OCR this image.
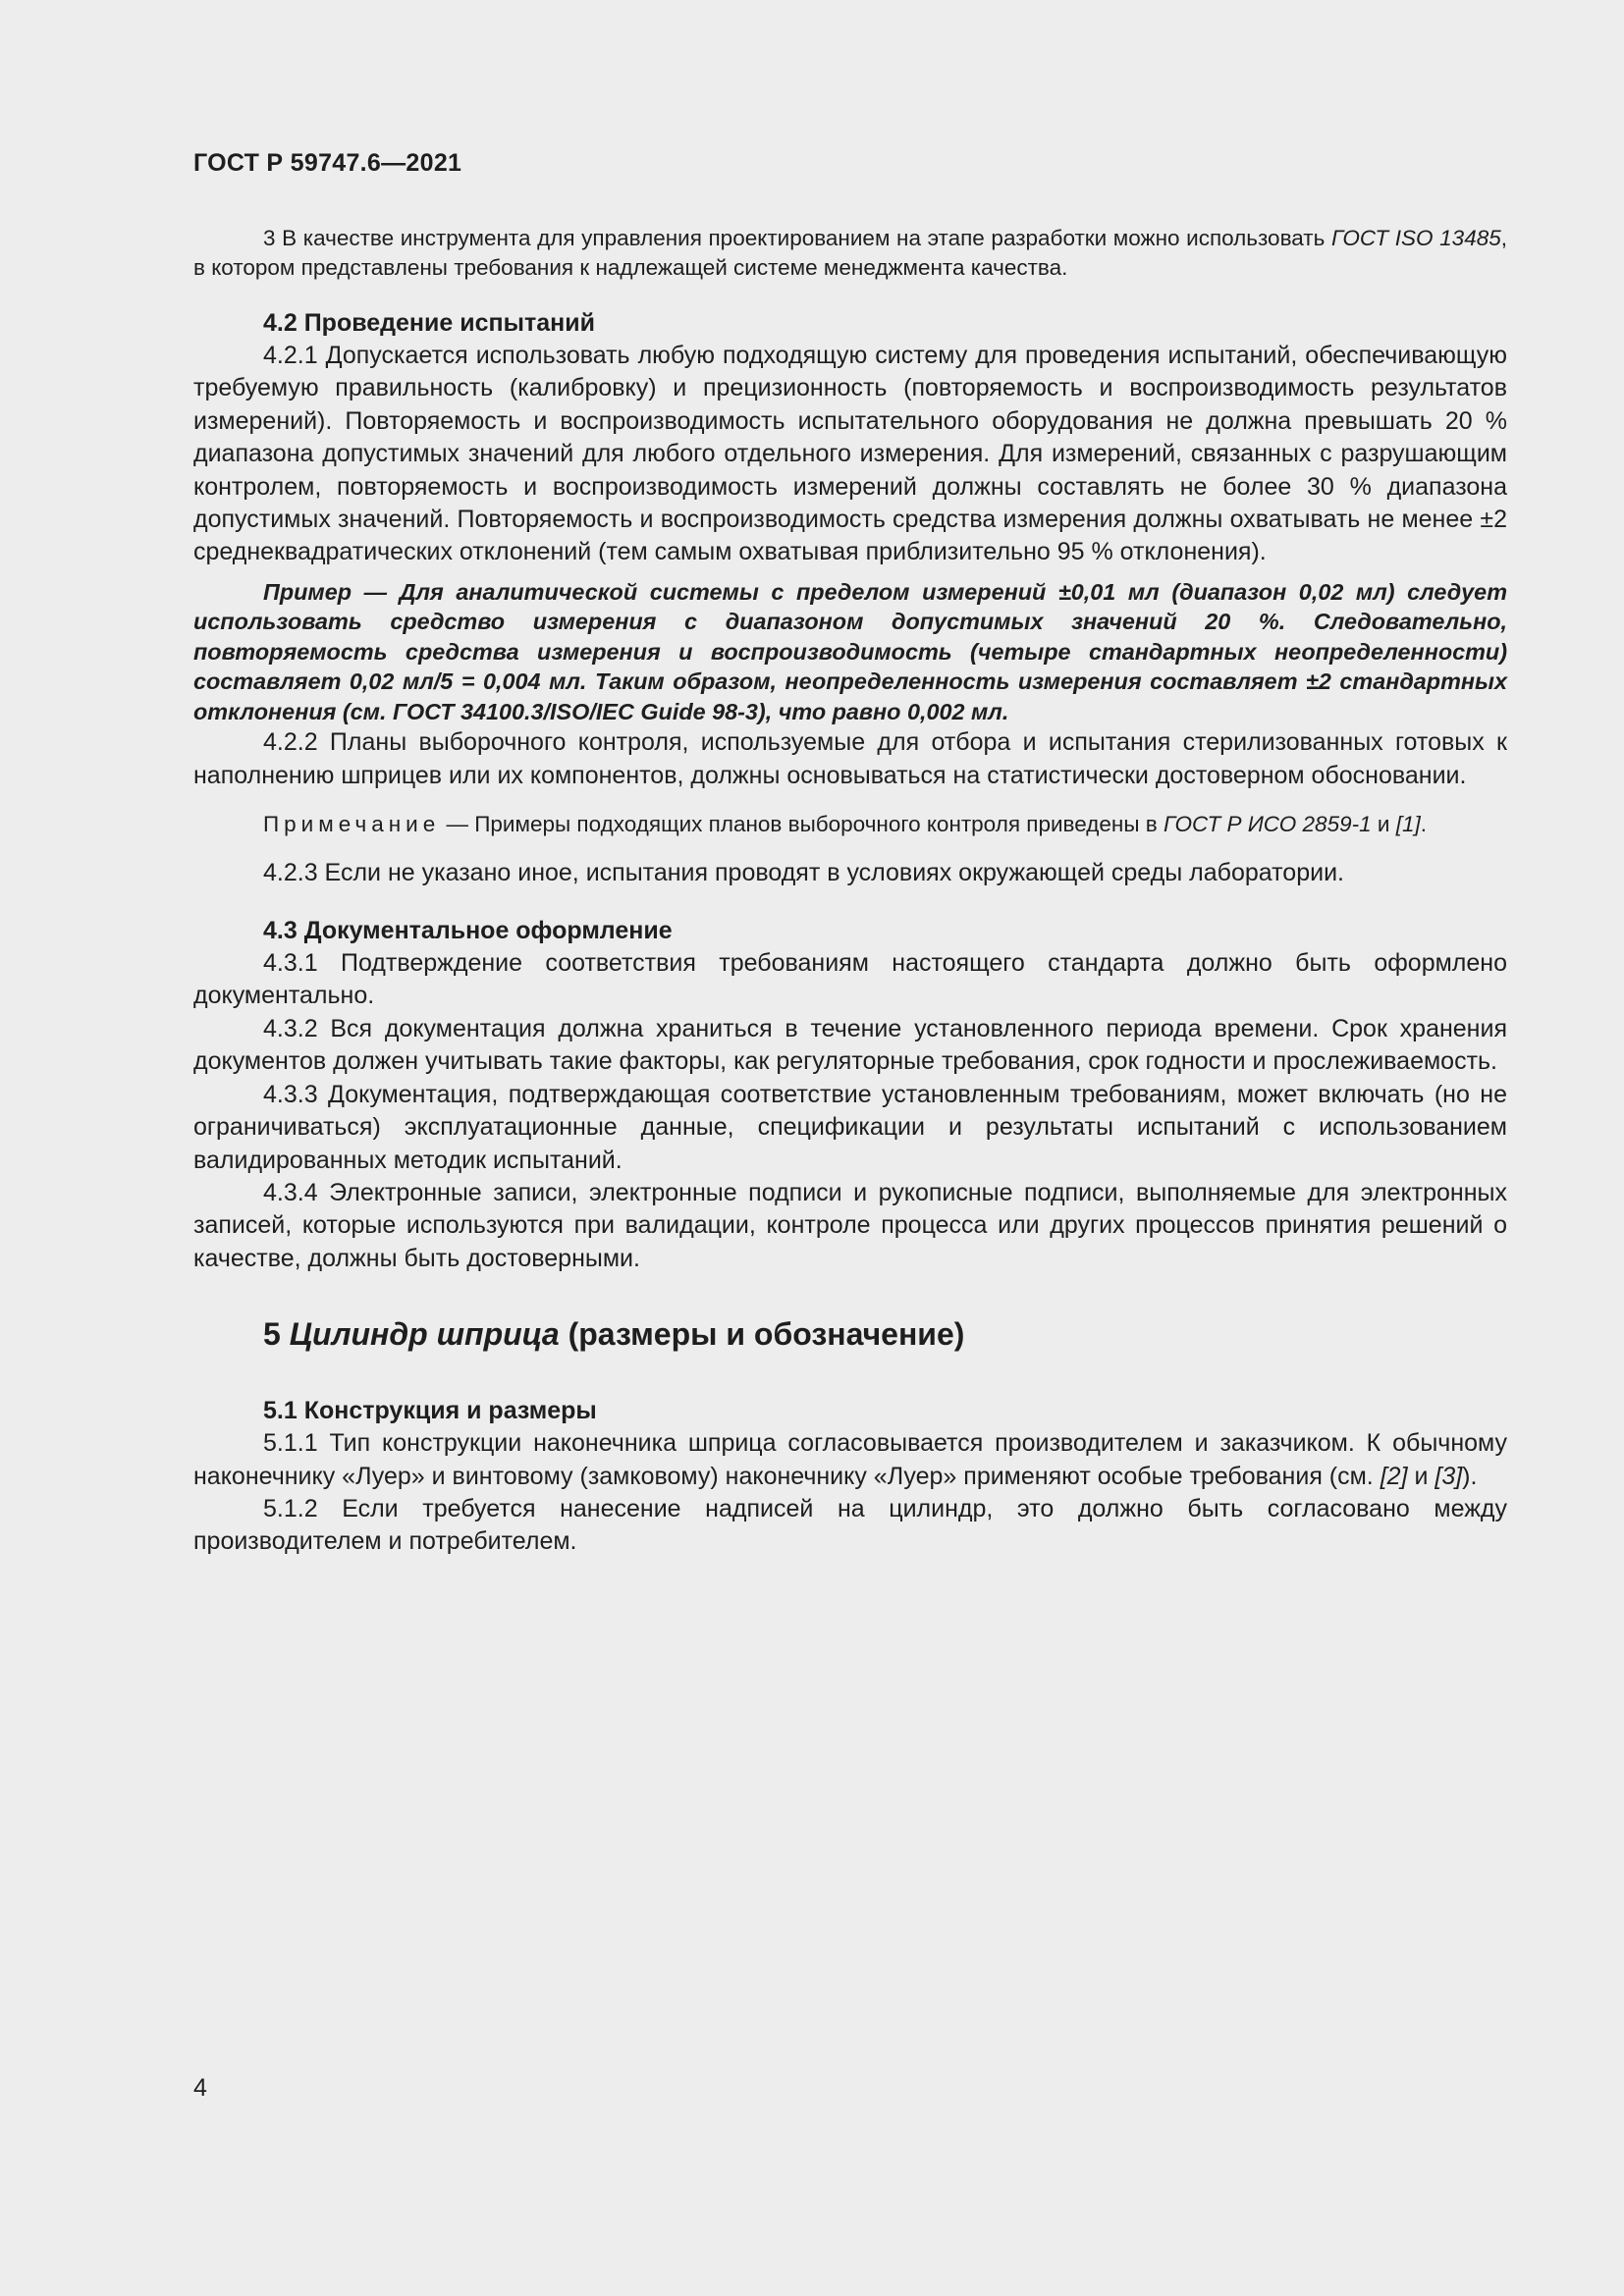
ГОСТ Р 59747.6—2021

3 В качестве инструмента для управления проектированием на этапе разработки можно использовать ГОСТ ISO 13485, в котором представлены требования к надлежащей системе менеджмента качества.

4.2 Проведение испытаний

4.2.1 Допускается использовать любую подходящую систему для проведения испытаний, обеспечивающую требуемую правильность (калибровку) и прецизионность (повторяемость и воспроизводимость результатов измерений). Повторяемость и воспроизводимость испытательного оборудования не должна превышать 20 % диапазона допустимых значений для любого отдельного измерения. Для измерений, связанных с разрушающим контролем, повторяемость и воспроизводимость измерений должны составлять не более 30 % диапазона допустимых значений. Повторяемость и воспроизводимость средства измерения должны охватывать не менее ±2 среднеквадратических отклонений (тем самым охватывая приблизительно 95 % отклонения).

Пример — Для аналитической системы с пределом измерений ±0,01 мл (диапазон 0,02 мл) следует использовать средство измерения с диапазоном допустимых значений 20 %. Следовательно, повторяемость средства измерения и воспроизводимость (четыре стандартных неопределенности) составляет 0,02 мл/5 = 0,004 мл. Таким образом, неопределенность измерения составляет ±2 стандартных отклонения (см. ГОСТ 34100.3/ISO/IEC Guide 98-3), что равно 0,002 мл.

4.2.2 Планы выборочного контроля, используемые для отбора и испытания стерилизованных готовых к наполнению шприцев или их компонентов, должны основываться на статистически достоверном обосновании.

Примечание — Примеры подходящих планов выборочного контроля приведены в ГОСТ Р ИСО 2859-1 и [1].

4.2.3 Если не указано иное, испытания проводят в условиях окружающей среды лаборатории.

4.3 Документальное оформление

4.3.1 Подтверждение соответствия требованиям настоящего стандарта должно быть оформлено документально.

4.3.2 Вся документация должна храниться в течение установленного периода времени. Срок хранения документов должен учитывать такие факторы, как регуляторные требования, срок годности и прослеживаемость.

4.3.3 Документация, подтверждающая соответствие установленным требованиям, может включать (но не ограничиваться) эксплуатационные данные, спецификации и результаты испытаний с использованием валидированных методик испытаний.

4.3.4 Электронные записи, электронные подписи и рукописные подписи, выполняемые для электронных записей, которые используются при валидации, контроле процесса или других процессов принятия решений о качестве, должны быть достоверными.

5 Цилиндр шприца (размеры и обозначение)
5.1 Конструкция и размеры

5.1.1 Тип конструкции наконечника шприца согласовывается производителем и заказчиком. К обычному наконечнику «Луер» и винтовому (замковому) наконечнику «Луер» применяют особые требования (см. [2] и [3]).

5.1.2 Если требуется нанесение надписей на цилиндр, это должно быть согласовано между производителем и потребителем.

4
